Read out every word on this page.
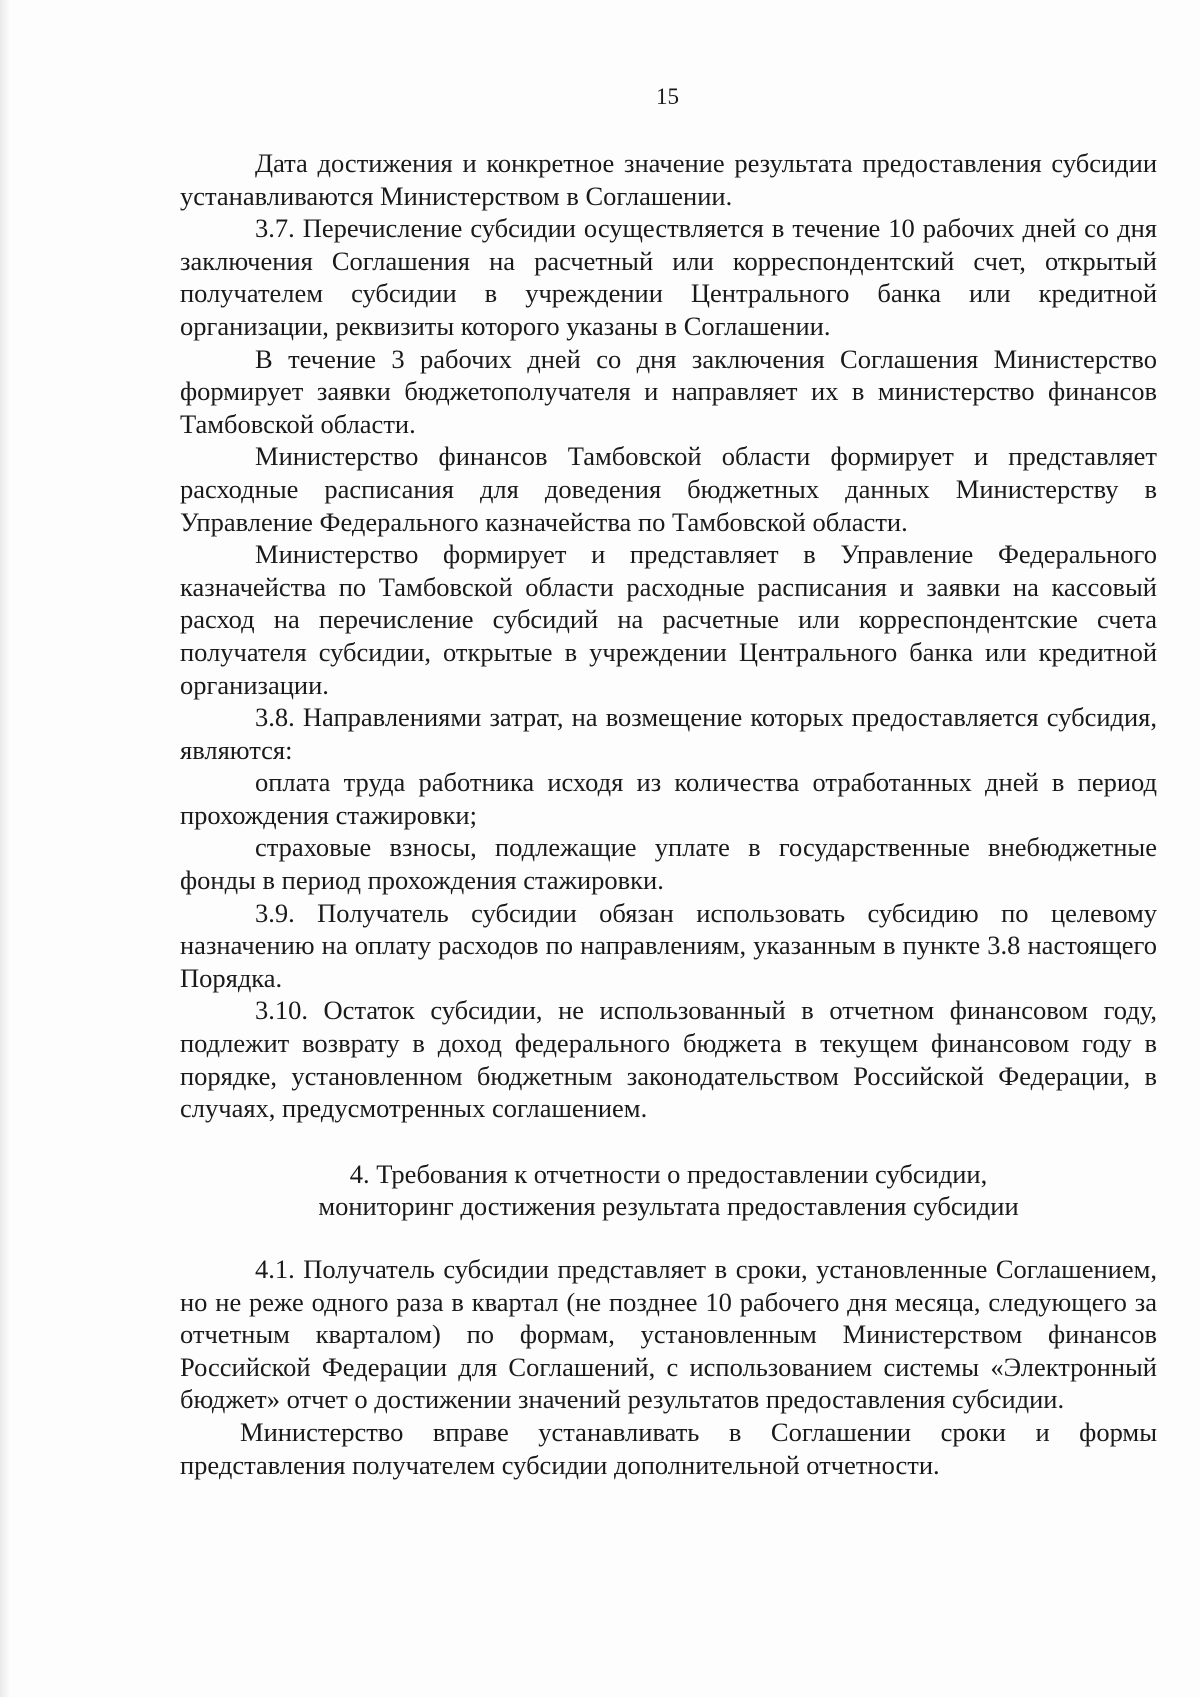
15

Дата достижения и конкретное значение результата предоставления субсидии устанавливаются Министерством в Соглашении.

3.7. Перечисление субсидии осуществляется в течение 10 рабочих дней со дня заключения Соглашения на расчетный или корреспондентский счет, открытый получателем субсидии в учреждении Центрального банка или кредитной организации, реквизиты которого указаны в Соглашении.

В течение 3 рабочих дней со дня заключения Соглашения Министерство формирует заявки бюджетополучателя и направляет их в министерство финансов Тамбовской области.

Министерство финансов Тамбовской области формирует и представляет расходные расписания для доведения бюджетных данных Министерству в Управление Федерального казначейства по Тамбовской области.

Министерство формирует и представляет в Управление Федерального казначейства по Тамбовской области расходные расписания и заявки на кассовый расход на перечисление субсидий на расчетные или корреспондентские счета получателя субсидии, открытые в учреждении Центрального банка или кредитной организации.

3.8. Направлениями затрат, на возмещение которых предоставляется субсидия, являются:

оплата труда работника исходя из количества отработанных дней в период прохождения стажировки;

страховые взносы, подлежащие уплате в государственные внебюджетные фонды в период прохождения стажировки.

3.9. Получатель субсидии обязан использовать субсидию по целевому назначению на оплату расходов по направлениям, указанным в пункте 3.8 настоящего Порядка.

3.10. Остаток субсидии, не использованный в отчетном финансовом году, подлежит возврату в доход федерального бюджета в текущем финансовом году в порядке, установленном бюджетным законодательством Российской Федерации, в случаях, предусмотренных соглашением.

4. Требования к отчетности о предоставлении субсидии,
мониторинг достижения результата предоставления субсидии

4.1. Получатель субсидии представляет в сроки, установленные Соглашением, но не реже одного раза в квартал (не позднее 10 рабочего дня месяца, следующего за отчетным кварталом) по формам, установленным Министерством финансов Российской Федерации для Соглашений, с использованием системы «Электронный бюджет» отчет о достижении значений результатов предоставления субсидии.

Министерство вправе устанавливать в Соглашении сроки и формы представления получателем субсидии дополнительной отчетности.
